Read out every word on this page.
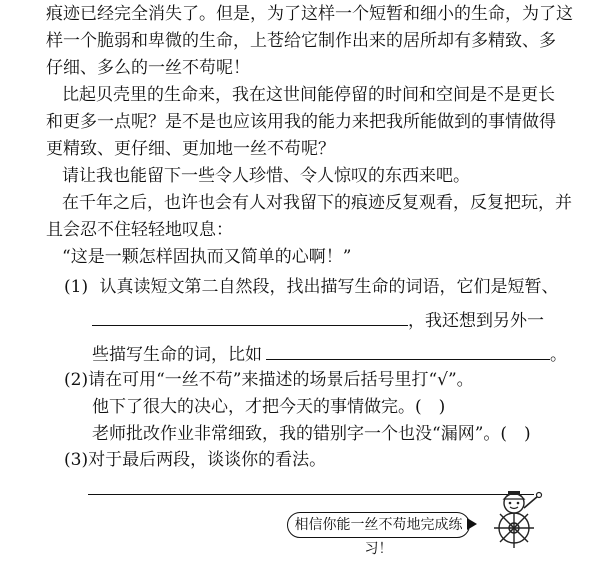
痕迹已经完全消失了。但是，为了这样一个短暂和细小的生命，为了这
样一个脆弱和卑微的生命，上苍给它制作出来的居所却有多精致、多
仔细、多么的一丝不苟呢！
比起贝壳里的生命来，我在这世间能停留的时间和空间是不是更长
和更多一点呢？是不是也应该用我的能力来把我所能做到的事情做得
更精致、更仔细、更加地一丝不苟呢？
请让我也能留下一些令人珍惜、令人惊叹的东西来吧。
在千年之后，也许也会有人对我留下的痕迹反复观看，反复把玩，并
且会忍不住轻轻地叹息：
“这是一颗怎样固执而又简单的心啊！”
(1) 认真读短文第二自然段，找出描写生命的词语，它们是短暂、
，我还想到另外一
些描写生命的词，比如	。
(2)请在可用“一丝不苟”来描述的场景后括号里打“√”。
他下了很大的决心，才把今天的事情做完。(　)
老师批改作业非常细致，我的错别字一个也没“漏网”。(　)
(3)对于最后两段，谈谈你的看法。
相信你能一丝不苟地完成练习！
